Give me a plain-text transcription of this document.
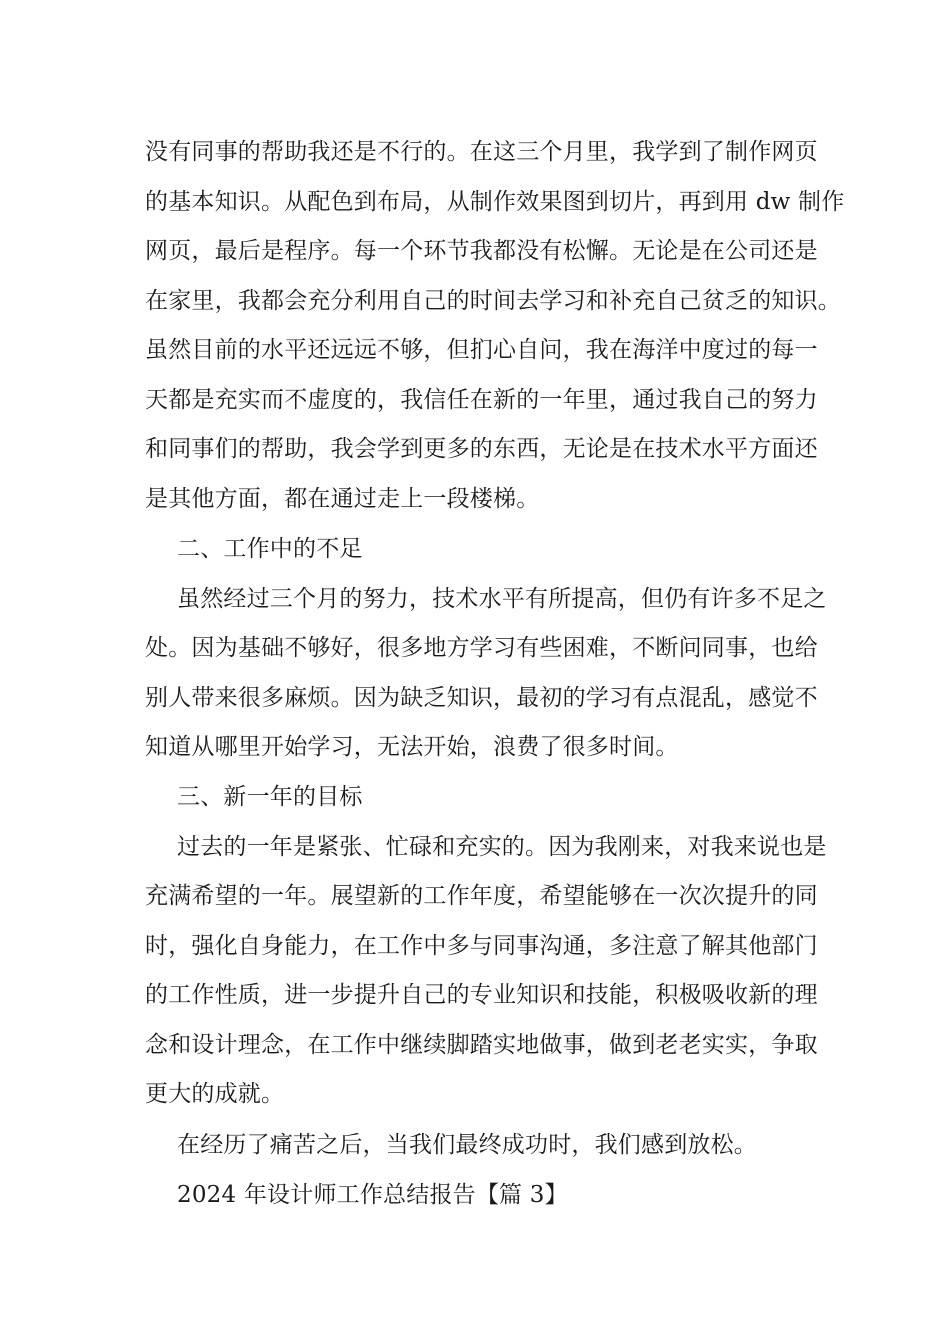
没有同事的帮助我还是不行的。在这三个月里，我学到了制作网页
的基本知识。从配色到布局，从制作效果图到切片，再到用 dw 制作
网页，最后是程序。每一个环节我都没有松懈。无论是在公司还是
在家里，我都会充分利用自己的时间去学习和补充自己贫乏的知识。
虽然目前的水平还远远不够，但扪心自问，我在海洋中度过的每一
天都是充实而不虚度的，我信任在新的一年里，通过我自己的努力
和同事们的帮助，我会学到更多的东西，无论是在技术水平方面还
是其他方面，都在通过走上一段楼梯。
二、工作中的不足
虽然经过三个月的努力，技术水平有所提高，但仍有许多不足之
处。因为基础不够好，很多地方学习有些困难，不断问同事，也给
别人带来很多麻烦。因为缺乏知识，最初的学习有点混乱，感觉不
知道从哪里开始学习，无法开始，浪费了很多时间。
三、新一年的目标
过去的一年是紧张、忙碌和充实的。因为我刚来，对我来说也是
充满希望的一年。展望新的工作年度，希望能够在一次次提升的同
时，强化自身能力，在工作中多与同事沟通，多注意了解其他部门
的工作性质，进一步提升自己的专业知识和技能，积极吸收新的理
念和设计理念，在工作中继续脚踏实地做事，做到老老实实，争取
更大的成就。
在经历了痛苦之后，当我们最终成功时，我们感到放松。
2024 年设计师工作总结报告【篇 3】
